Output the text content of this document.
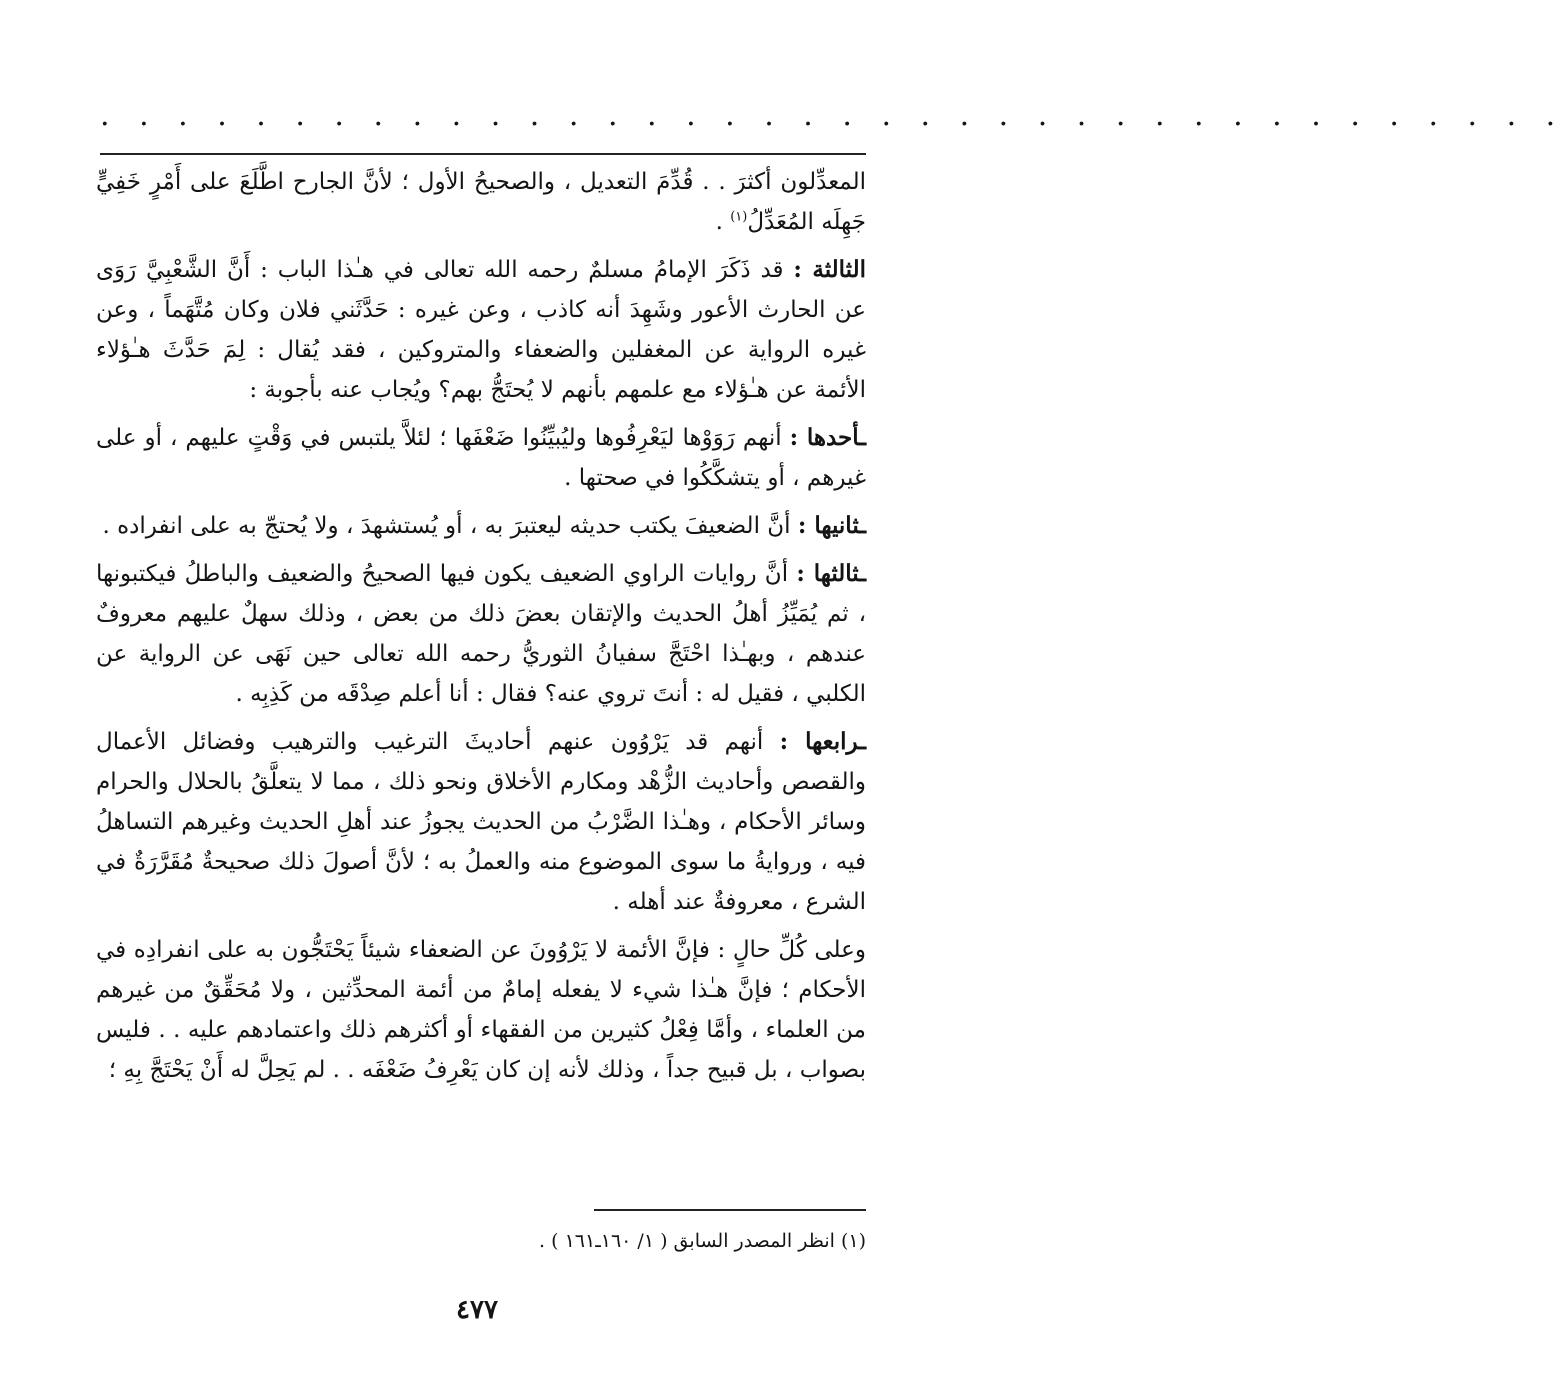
. . . . . . . . . . . . . . . . . . . . . . . . . . . . . . . . . . . . . .

المعدِّلون أكثرَ . . قُدِّمَ التعديل ، والصحيحُ الأول ؛ لأنَّ الجارح اطَّلَعَ على أَمْرٍ خَفِيٍّ جَهِلَه المُعَدِّلُ$^{(١)}$ .

الثالثة : قد ذَكَرَ الإمامُ مسلمٌ رحمه الله تعالى في هـٰذا الباب : أَنَّ الشَّعْبِيَّ رَوَى عن الحارث الأعور وشَهِدَ أنه كاذب ، وعن غيره : حَدَّثَني فلان وكان مُتَّهَماً ، وعن غيره الرواية عن المغفلين والضعفاء والمتروكين ، فقد يُقال : لِمَ حَدَّثَ هـٰؤلاء الأئمة عن هـٰؤلاء مع علمهم بأنهم لا يُحتَجُّ بهم؟ ويُجاب عنه بأجوبة :

ـأحدها : أنهم رَوَوْها ليَعْرِفُوها وليُبيِّنُوا ضَعْفَها ؛ لئلاَّ يلتبس في وَقْتٍ عليهم ، أو على غيرهم ، أو يتشكَّكُوا في صحتها .

ـثانيها : أنَّ الضعيفَ يكتب حديثه ليعتبرَ به ، أو يُستشهدَ ، ولا يُحتجّ به على انفراده .

ـثالثها : أنَّ روايات الراوي الضعيف يكون فيها الصحيحُ والضعيف والباطلُ فيكتبونها ، ثم يُمَيِّزُ أهلُ الحديث والإتقان بعضَ ذلك من بعض ، وذلك سهلٌ عليهم معروفٌ عندهم ، وبهـٰذا احْتَجَّ سفيانُ الثوريُّ رحمه الله تعالى حين نَهَى عن الرواية عن الكلبي ، فقيل له : أنتَ تروي عنه؟ فقال : أنا أعلم صِدْقَه من كَذِبِه .

ـرابعها : أنهم قد يَرْوُون عنهم أحاديثَ الترغيب والترهيب وفضائل الأعمال والقصص وأحاديث الزُّهْد ومكارم الأخلاق ونحو ذلك ، مما لا يتعلَّقُ بالحلال والحرام وسائر الأحكام ، وهـٰذا الضَّرْبُ من الحديث يجوزُ عند أهلِ الحديث وغيرهم التساهلُ فيه ، وروايةُ ما سوى الموضوع منه والعملُ به ؛ لأنَّ أصولَ ذلك صحيحةٌ مُقَرَّرَةٌ في الشرع ، معروفةٌ عند أهله .

وعلى كُلِّ حالٍ : فإنَّ الأئمة لا يَرْوُونَ عن الضعفاء شيئاً يَحْتَجُّون به على انفرادِه في الأحكام ؛ فإنَّ هـٰذا شيء لا يفعله إمامٌ من أئمة المحدِّثين ، ولا مُحَقِّقٌ من غيرهم من العلماء ، وأمَّا فِعْلُ كثيرين من الفقهاء أو أكثرهم ذلك واعتمادهم عليه . . فليس بصواب ، بل قبيح جداً ، وذلك لأنه إن كان يَعْرِفُ ضَعْفَه . . لم يَحِلَّ له أَنْ يَحْتَجَّ بِهِ ؛

(١) انظر المصدر السابق ( ١/ ١٦٠ـ١٦١ ) .
٤٧٧
